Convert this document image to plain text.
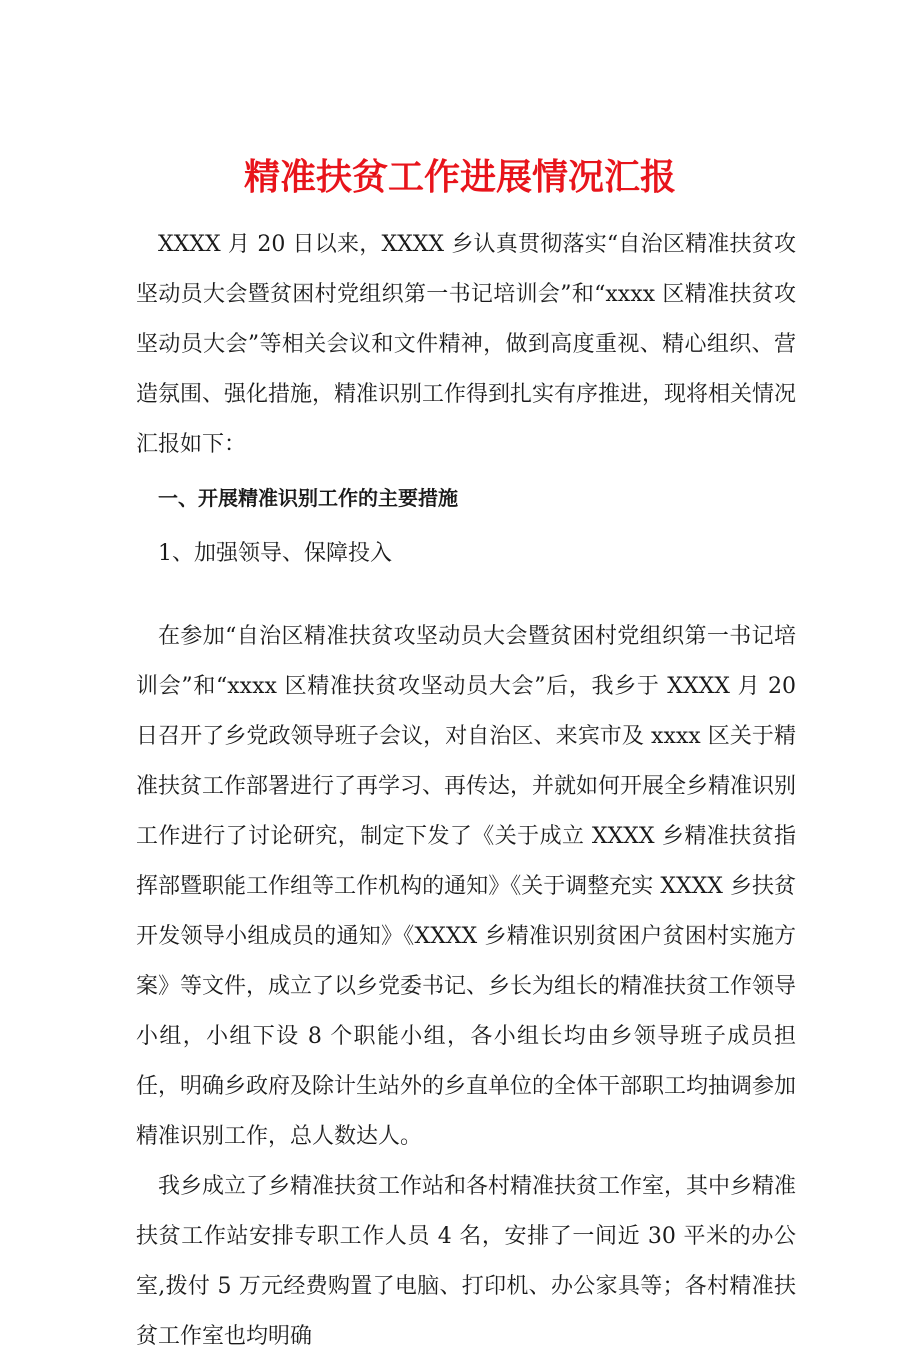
精准扶贫工作进展情况汇报

XXXX 月 20 日以来，XXXX 乡认真贯彻落实“自治区精准扶贫攻坚动员大会暨贫困村党组织第一书记培训会”和“xxxx 区精准扶贫攻坚动员大会”等相关会议和文件精神，做到高度重视、精心组织、营造氛围、强化措施，精准识别工作得到扎实有序推进，现将相关情况汇报如下：

一、开展精准识别工作的主要措施

1、加强领导、保障投入

在参加“自治区精准扶贫攻坚动员大会暨贫困村党组织第一书记培训会”和“xxxx 区精准扶贫攻坚动员大会”后，我乡于 XXXX 月 20 日召开了乡党政领导班子会议，对自治区、来宾市及 xxxx 区关于精准扶贫工作部署进行了再学习、再传达，并就如何开展全乡精准识别工作进行了讨论研究，制定下发了《关于成立 XXXX 乡精准扶贫指挥部暨职能工作组等工作机构的通知》《关于调整充实 XXXX 乡扶贫开发领导小组成员的通知》《XXXX 乡精准识别贫困户贫困村实施方案》等文件，成立了以乡党委书记、乡长为组长的精准扶贫工作领导小组，小组下设 8 个职能小组，各小组长均由乡领导班子成员担任，明确乡政府及除计生站外的乡直单位的全体干部职工均抽调参加精准识别工作，总人数达人。

我乡成立了乡精准扶贫工作站和各村精准扶贫工作室，其中乡精准扶贫工作站安排专职工作人员 4 名，安排了一间近 30 平米的办公室,拨付 5 万元经费购置了电脑、打印机、办公家具等；各村精准扶贫工作室也均明确
